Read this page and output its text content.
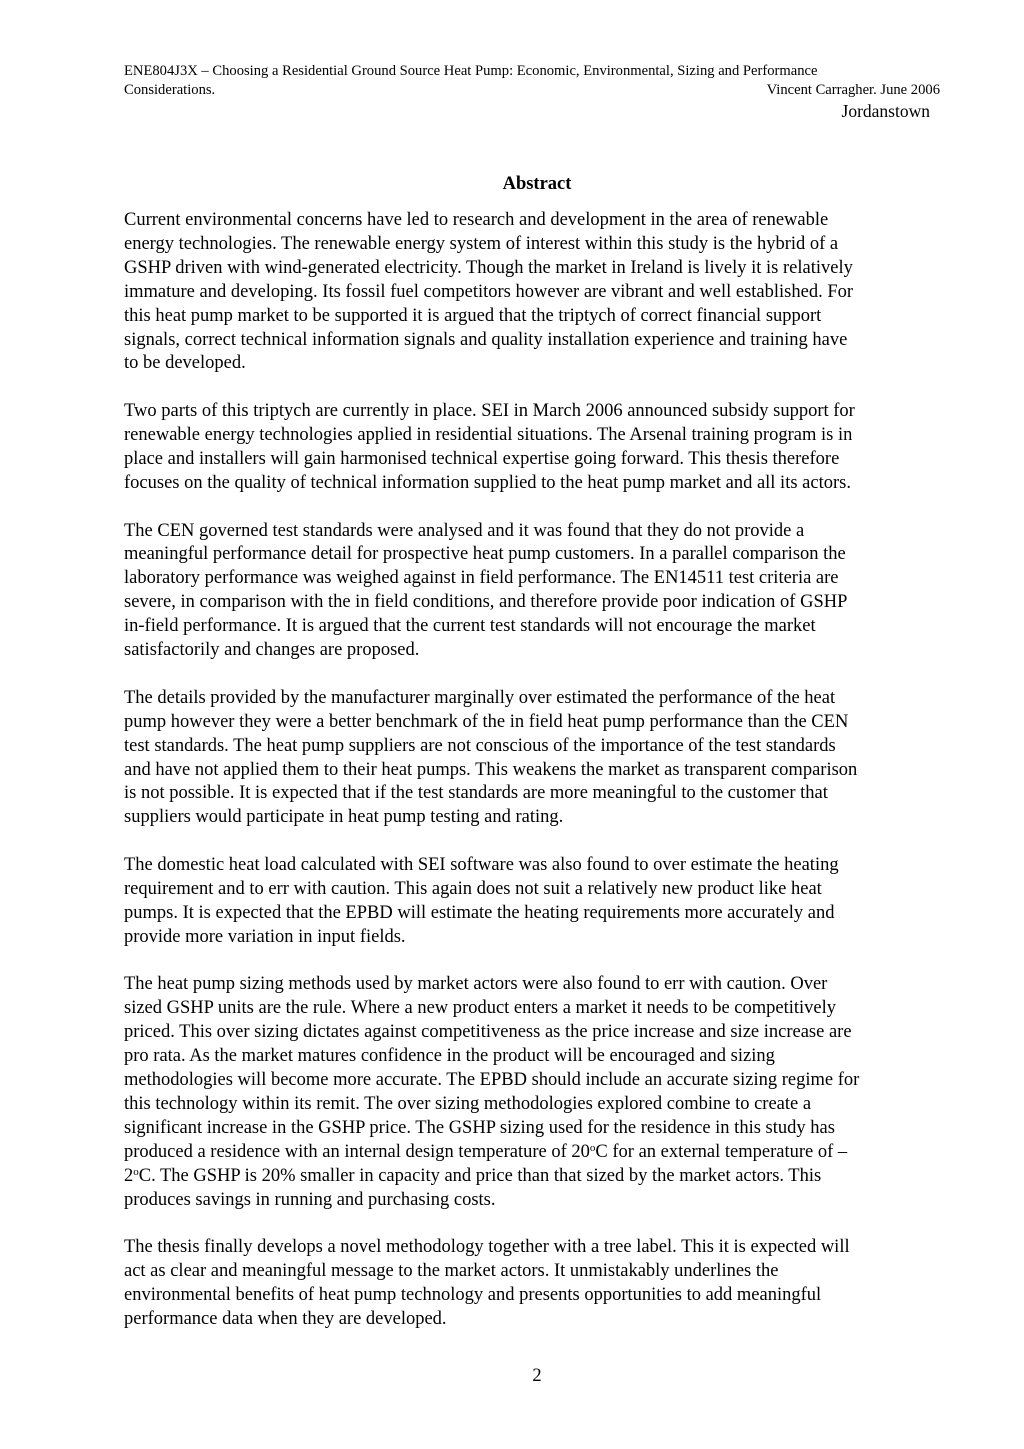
ENE804J3X – Choosing a Residential Ground Source Heat Pump: Economic, Environmental, Sizing and Performance
Considerations.	Vincent Carragher. June 2006
Jordanstown
Abstract
Current environmental concerns have led to research and development in the area of renewable
energy technologies. The renewable energy system of interest within this study is the hybrid of a
GSHP driven with wind-generated electricity. Though the market in Ireland is lively it is relatively
immature and developing. Its fossil fuel competitors however are vibrant and well established. For
this heat pump market to be supported it is argued that the triptych of correct financial support
signals, correct technical information signals and quality installation experience and training have
to be developed.
Two parts of this triptych are currently in place. SEI in March 2006 announced subsidy support for
renewable energy technologies applied in residential situations. The Arsenal training program is in
place and installers will gain harmonised technical expertise going forward. This thesis therefore
focuses on the quality of technical information supplied to the heat pump market and all its actors.
The CEN governed test standards were analysed and it was found that they do not provide a
meaningful performance detail for prospective heat pump customers. In a parallel comparison the
laboratory performance was weighed against in field performance. The EN14511 test criteria are
severe, in comparison with the in field conditions, and therefore provide poor indication of GSHP
in-field performance. It is argued that the current test standards will not encourage the market
satisfactorily and changes are proposed.
The details provided by the manufacturer marginally over estimated the performance of the heat
pump however they were a better benchmark of the in field heat pump performance than the CEN
test standards. The heat pump suppliers are not conscious of the importance of the test standards
and have not applied them to their heat pumps. This weakens the market as transparent comparison
is not possible. It is expected that if the test standards are more meaningful to the customer that
suppliers would participate in heat pump testing and rating.
The domestic heat load calculated with SEI software was also found to over estimate the heating
requirement and to err with caution. This again does not suit a relatively new product like heat
pumps. It is expected that the EPBD will estimate the heating requirements more accurately and
provide more variation in input fields.
The heat pump sizing methods used by market actors were also found to err with caution. Over
sized GSHP units are the rule. Where a new product enters a market it needs to be competitively
priced. This over sizing dictates against competitiveness as the price increase and size increase are
pro rata. As the market matures confidence in the product will be encouraged and sizing
methodologies will become more accurate. The EPBD should include an accurate sizing regime for
this technology within its remit. The over sizing methodologies explored combine to create a
significant increase in the GSHP price. The GSHP sizing used for the residence in this study has
produced a residence with an internal design temperature of 20$^o$C for an external temperature of –
2$^o$C. The GSHP is 20% smaller in capacity and price than that sized by the market actors. This
produces savings in running and purchasing costs.
The thesis finally develops a novel methodology together with a tree label. This it is expected will
act as clear and meaningful message to the market actors. It unmistakably underlines the
environmental benefits of heat pump technology and presents opportunities to add meaningful
performance data when they are developed.
2
